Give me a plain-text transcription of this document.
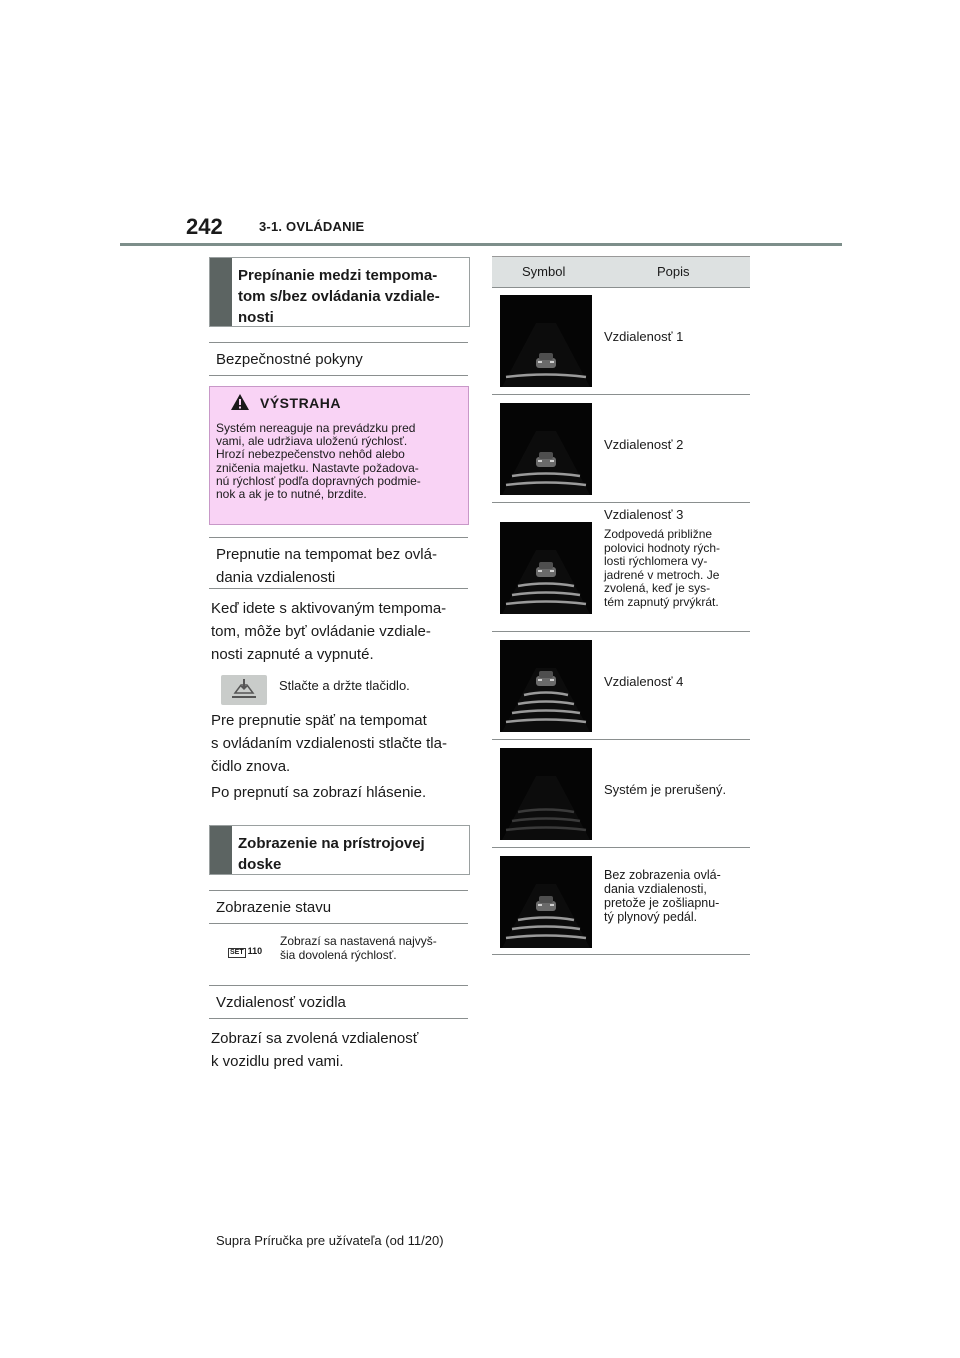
242	3-1. OVLÁDANIE
Prepínanie medzi tempoma-
tom s/bez ovládania vzdiale-
nosti
Bezpečnostné pokyny
VÝSTRAHA
Systém nereaguje na prevádzku pred
vami, ale udržiava uloženú rýchlosť.
Hrozí nebezpečenstvo nehôd alebo
zničenia majetku. Nastavte požadova-
nú rýchlosť podľa dopravných podmie-
nok a ak je to nutné, brzdite.
Prepnutie na tempomat bez ovlá-
dania vzdialenosti

Keď idete s aktivovaným tempoma-

tom, môže byť ovládanie vzdiale-

nosti zapnuté a vypnuté.

Stlačte a držte tlačidlo.

Pre prepnutie späť na tempomat

s ovládaním vzdialenosti stlačte tla-

čidlo znova.

Po prepnutí sa zobrazí hlásenie.

Zobrazenie na prístrojovej
doske
Zobrazenie stavu
SET 110
Zobrazí sa nastavená najvyš-
šia dovolená rýchlosť.
Vzdialenosť vozidla

Zobrazí sa zvolená vzdialenosť

k vozidlu pred vami.

Symbol	Popis
Vzdialenosť 1
Vzdialenosť 2
Vzdialenosť 3
Zodpovedá približne
polovici hodnoty rých-
losti rýchlomera vy-
jadrené v metroch. Je
zvolená, keď je sys-
tém zapnutý prvýkrát.
Vzdialenosť 4
Systém je prerušený.
Bez zobrazenia ovlá-
dania vzdialenosti,
pretože je zošliapnu-
tý plynový pedál.
Supra Príručka pre užívateľa (od 11/20)
